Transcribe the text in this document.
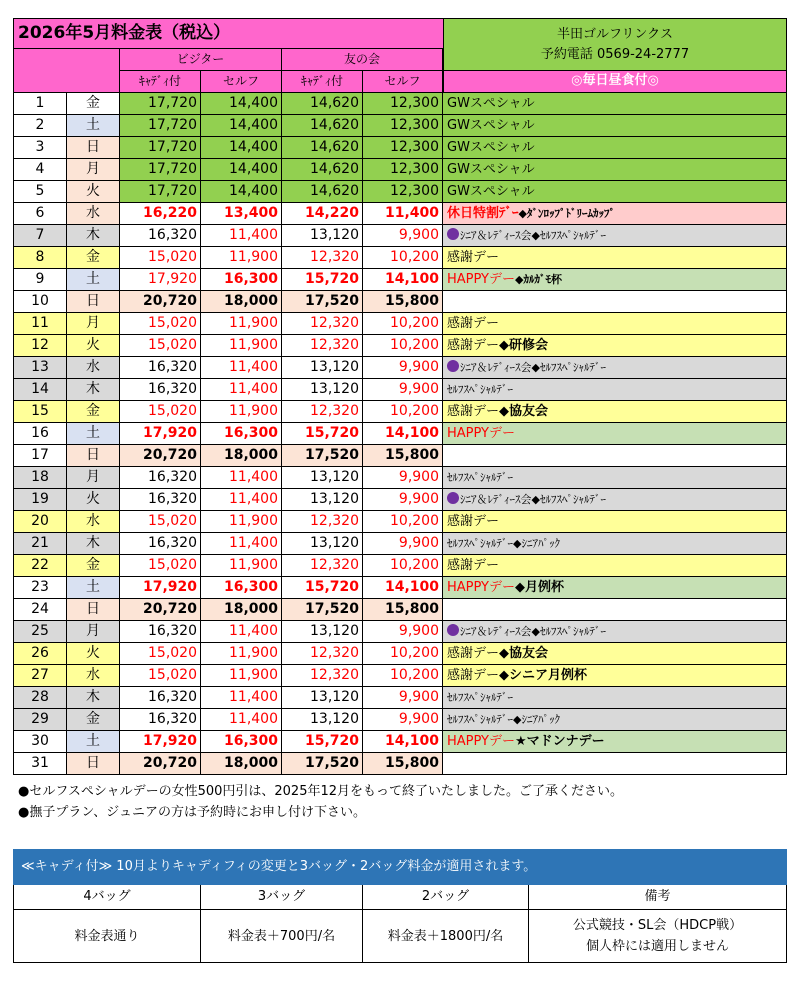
2026年5月料金表（税込）
ビジター	友の会
ｷｬﾃﾞｨ付	セルフ	ｷｬﾃﾞｨ付	セルフ
半田ゴルフリンクス
予約電話 0569-24-2777
◎毎日昼食付◎
1	金	17,720	14,400	14,620	12,300 GWスペシャル
2	土	17,720	14,400	14,620	12,300 GWスペシャル
3	日	17,720	14,400	14,620	12,300 GWスペシャル
4	月	17,720	14,400	14,620	12,300 GWスペシャル
5	火	17,720	14,400	14,620	12,300 GWスペシャル
6	水	16,220	13,400	14,220	11,400 休日特割ﾃﾞｰ◆ﾀﾞﾝﾛｯﾌﾟﾄﾞﾘｰﾑｶｯﾌﾟ
7	木	16,320	11,400	13,120	9,900	ｼﾆｱ＆ﾚﾃﾞｨｰｽ会◆ｾﾙﾌｽﾍﾟｼｬﾙﾃﾞｰ
8	金	15,020	11,900	12,320	10,200 感謝デー
9	土	17,920	16,300	15,720	14,100 HAPPYデー◆ｶﾙｶﾞﾓ杯
10	日	20,720	18,000	17,520	15,800
11	月	15,020	11,900	12,320	10,200 感謝デー
12	火	15,020	11,900	12,320	10,200 感謝デー◆研修会
13	水	16,320	11,400	13,120	9,900	ｼﾆｱ＆ﾚﾃﾞｨｰｽ会◆ｾﾙﾌｽﾍﾟｼｬﾙﾃﾞｰ
14	木	16,320	11,400	13,120	9,900 ｾﾙﾌｽﾍﾟｼｬﾙﾃﾞｰ
15	金	15,020	11,900	12,320	10,200 感謝デー◆協友会
16	土	17,920	16,300	15,720	14,100 HAPPYデー
17	日	20,720	18,000	17,520	15,800
18	月	16,320	11,400	13,120	9,900 ｾﾙﾌｽﾍﾟｼｬﾙﾃﾞｰ
19	火	16,320	11,400	13,120	9,900	ｼﾆｱ＆ﾚﾃﾞｨｰｽ会◆ｾﾙﾌｽﾍﾟｼｬﾙﾃﾞｰ
20	水	15,020	11,900	12,320	10,200 感謝デー
21	木	16,320	11,400	13,120	9,900 ｾﾙﾌｽﾍﾟｼｬﾙﾃﾞｰ◆ｼﾆｱﾊﾟｯｸ
22	金	15,020	11,900	12,320	10,200 感謝デー
23	土	17,920	16,300	15,720	14,100 HAPPYデー◆月例杯
24	日	20,720	18,000	17,520	15,800
25	月	16,320	11,400	13,120	9,900	ｼﾆｱ＆ﾚﾃﾞｨｰｽ会◆ｾﾙﾌｽﾍﾟｼｬﾙﾃﾞｰ
26	火	15,020	11,900	12,320	10,200 感謝デー◆協友会
27	水	15,020	11,900	12,320	10,200 感謝デー◆シニア月例杯
28	木	16,320	11,400	13,120	9,900 ｾﾙﾌｽﾍﾟｼｬﾙﾃﾞｰ
29	金	16,320	11,400	13,120	9,900 ｾﾙﾌｽﾍﾟｼｬﾙﾃﾞｰ◆ｼﾆｱﾊﾟｯｸ
30	土	17,920	16,300	15,720	14,100 HAPPYデー★マドンナデー
31	日	20,720	18,000	17,520	15,800
●セルフスペシャルデーの女性500円引は、2025年12月をもって終了いたしました。ご了承ください。
●撫子プラン、ジュニアの方は予約時にお申し付け下さい。
≪キャディ付≫ 10月よりキャディフィの変更と3バッグ・2バッグ料金が適用されます。
4バッグ	3バッグ	2バッグ	備考
料金表通り	料金表＋700円/名	料金表＋1800円/名
公式競技・SL会（HDCP戦）
個人枠には適用しません
